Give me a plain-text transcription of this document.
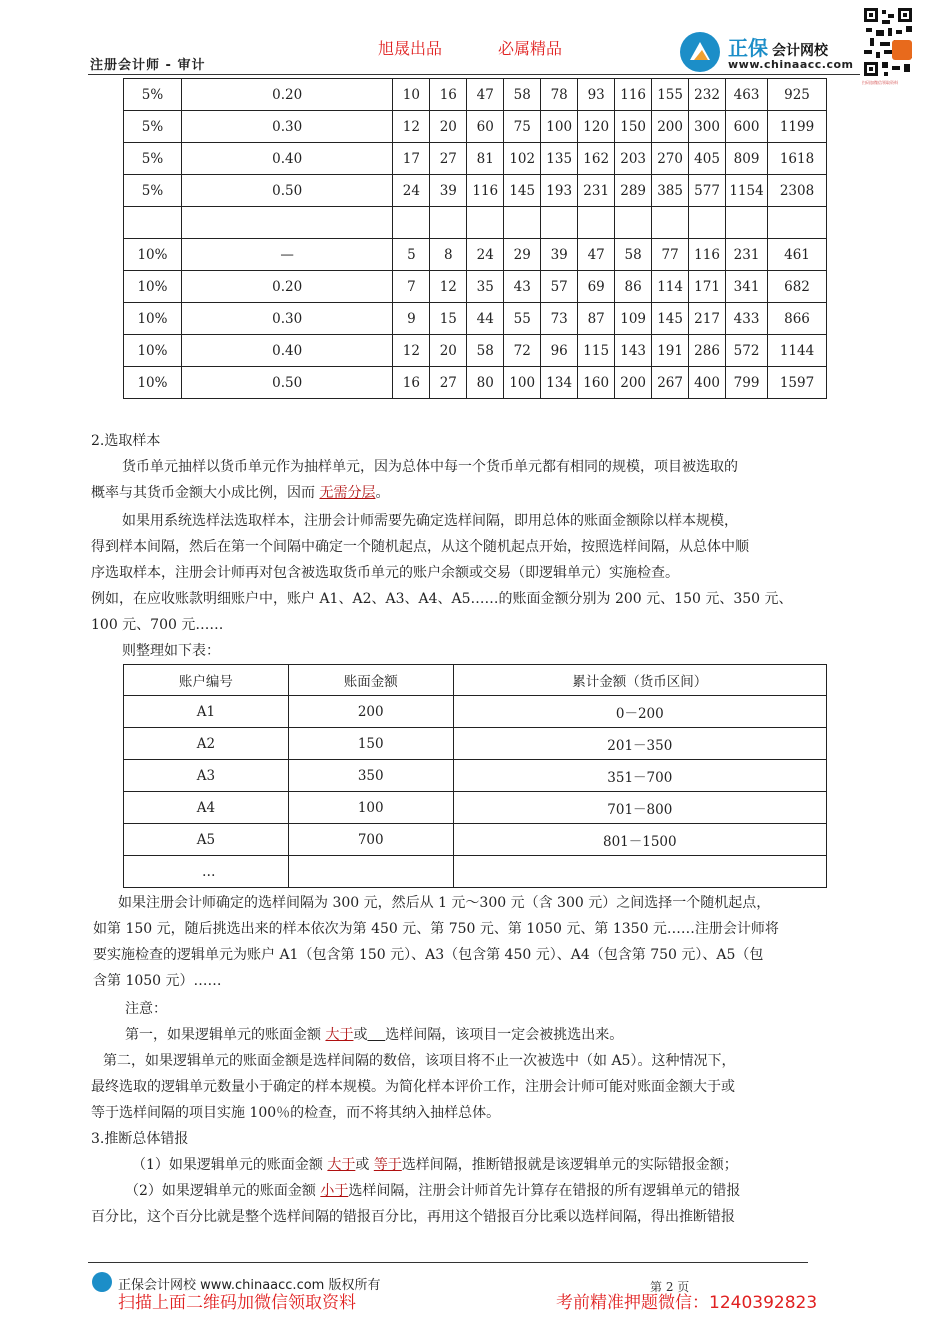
旭晟出品	必属精品	正保 会计网校
www.chinaacc.com
扫码加微信领取资料
注册会计师 - 审计
5%	0.20	10	16	47	58	78	93	116	155	232	463	925
5%	0.30	12	20	60	75	100	120	150	200	300	600	1199
5%	0.40	17	27	81	102	135	162	203	270	405	809	1618
5%	0.50	24	39	116	145	193	231	289	385	577	1154	2308

10%	—	5	8	24	29	39	47	58	77	116	231	461
10%	0.20	7	12	35	43	57	69	86	114	171	341	682
10%	0.30	9	15	44	55	73	87	109	145	217	433	866
10%	0.40	12	20	58	72	96	115	143	191	286	572	1144
10%	0.50	16	27	80	100	134	160	200	267	400	799	1597
2.选取样本
货币单元抽样以货币单元作为抽样单元，因为总体中每一个货币单元都有相同的规模，项目被选取的
概率与其货币金额大小成比例，因而 无需分层。
如果用系统选样法选取样本，注册会计师需要先确定选样间隔，即用总体的账面金额除以样本规模，
得到样本间隔，然后在第一个间隔中确定一个随机起点，从这个随机起点开始，按照选样间隔，从总体中顺
序选取样本，注册会计师再对包含被选取货币单元的账户余额或交易（即逻辑单元）实施检查。
例如，在应收账款明细账户中，账户 A1、A2、A3、A4、A5……的账面金额分别为 200 元、150 元、350 元、
100 元、700 元……
则整理如下表：
账户编号	账面金额	累计金额（货币区间）
A1	200	0－200
A2	150	201－350
A3	350	351－700
A4	100	701－800
A5	700	801－1500
…		
如果注册会计师确定的选样间隔为 300 元，然后从 1 元～300 元（含 300 元）之间选择一个随机起点，
如第 150 元，随后挑选出来的样本依次为第 450 元、第 750 元、第 1050 元、第 1350 元……注册会计师将
要实施检查的逻辑单元为账户 A1（包含第 150 元）、A3（包含第 450 元）、A4（包含第 750 元）、A5（包
含第 1050 元）……
注意：
第一，如果逻辑单元的账面金额 大于或 选样间隔，该项目一定会被挑选出来。
第二，如果逻辑单元的账面金额是选样间隔的数倍，该项目将不止一次被选中（如 A5）。这种情况下，
最终选取的逻辑单元数量小于确定的样本规模。为简化样本评价工作，注册会计师可能对账面金额大于或
等于选样间隔的项目实施 100％的检查，而不将其纳入抽样总体。
3.推断总体错报
（1）如果逻辑单元的账面金额 大于或 等于选样间隔，推断错报就是该逻辑单元的实际错报金额；
（2）如果逻辑单元的账面金额 小于选样间隔，注册会计师首先计算存在错报的所有逻辑单元的错报
百分比，这个百分比就是整个选样间隔的错报百分比，再用这个错报百分比乘以选样间隔，得出推断错报
正保会计网校 www.chinaacc.com 版权所有	第 2 页
扫描上面二维码加微信领取资料	考前精准押题微信：1240392823
